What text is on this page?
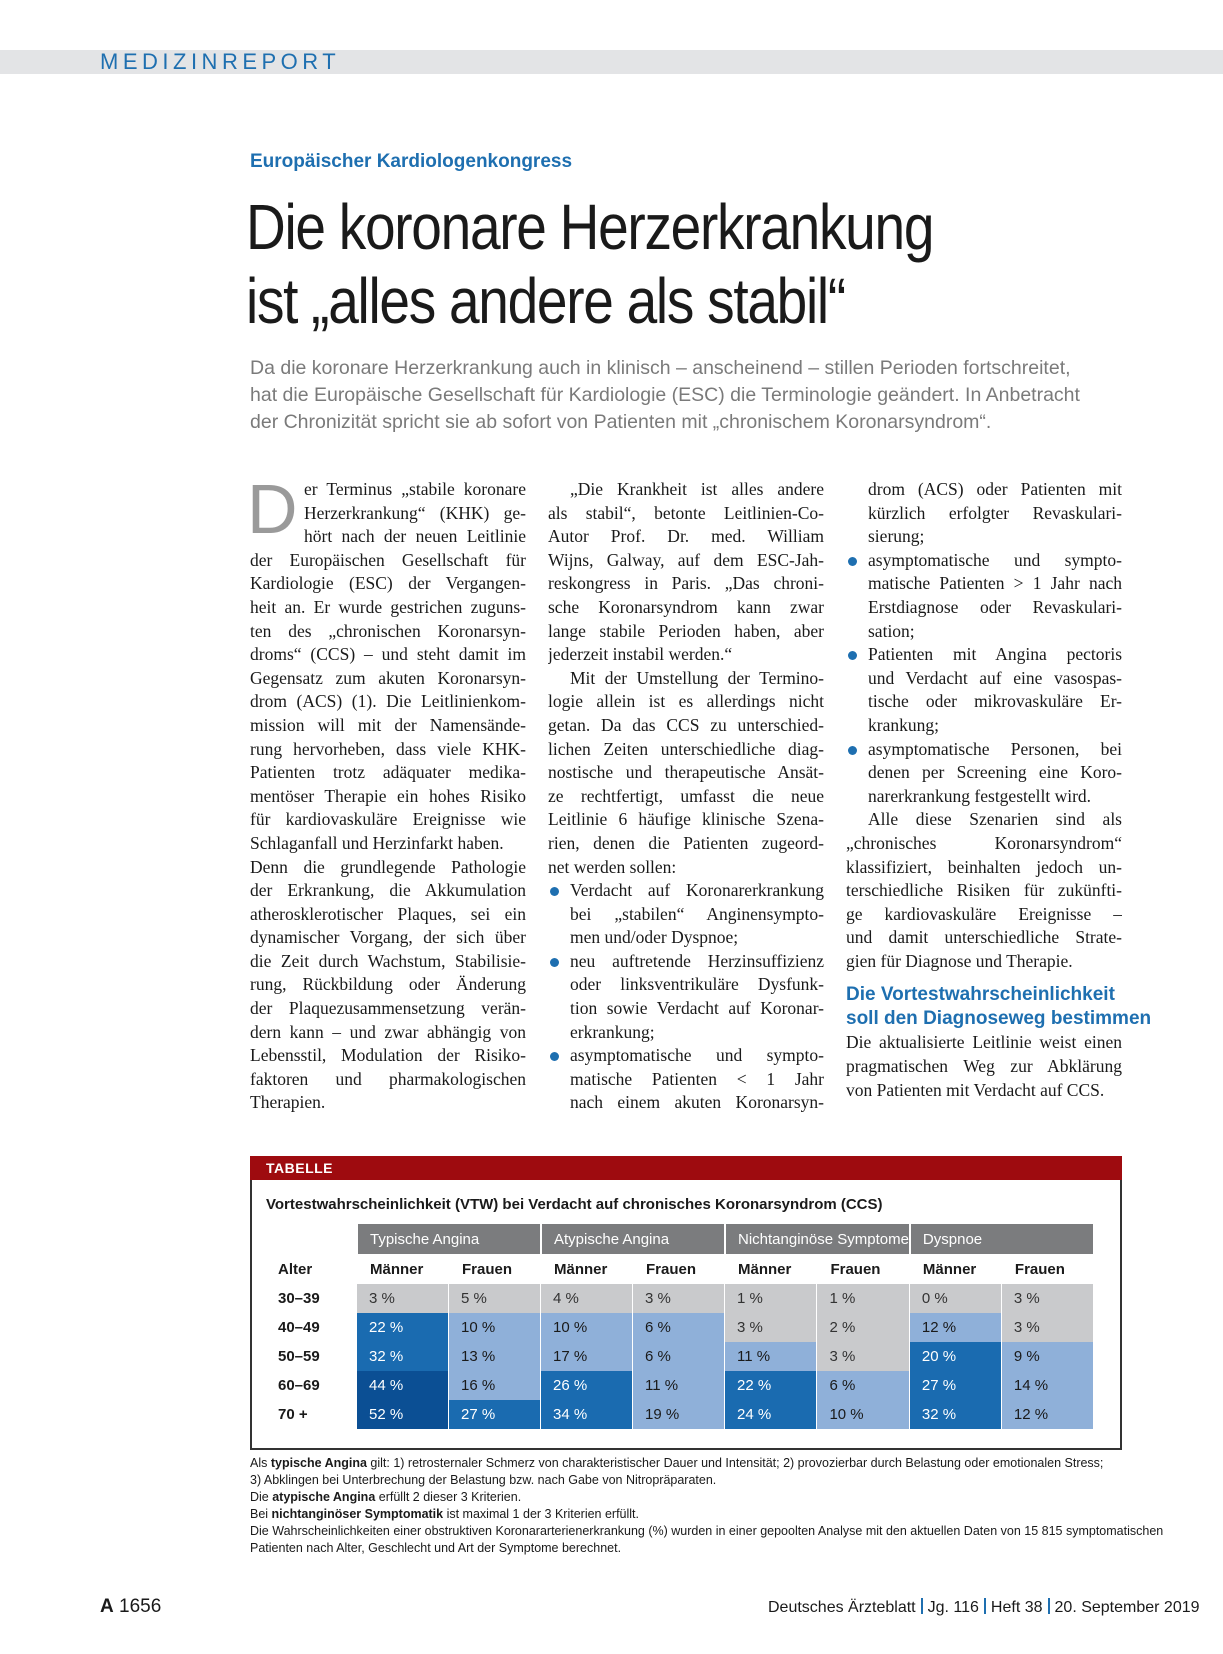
MEDIZINREPORT
Europäischer Kardiologenkongress
Die koronare Herzerkrankung
ist „alles andere als stabil“

Da die koronare Herzerkrankung auch in klinisch – anscheinend – stillen Perioden fortschreitet,
hat die Europäische Gesellschaft für Kardiologie (ESC) die Terminologie geändert. In Anbetracht
der Chronizität spricht sie ab sofort von Patienten mit „chronischem Koronarsyndrom“.

D er Terminus „stabile koronare
Herzerkrankung“ (KHK) ge-
hört nach der neuen Leitlinie
der Europäischen Gesellschaft für
Kardiologie (ESC) der Vergangen-
heit an. Er wurde gestrichen zuguns-
ten des „chronischen Koronarsyn-
droms“ (CCS) – und steht damit im
Gegensatz zum akuten Koronarsyn-
drom (ACS) (1). Die Leitlinienkom-
mission will mit der Namensände-
rung hervorheben, dass viele KHK-
Patienten trotz adäquater medika-
mentöser Therapie ein hohes Risiko
für kardiovaskuläre Ereignisse wie
Schlaganfall und Herzinfarkt haben.
Denn die grundlegende Pathologie
der Erkrankung, die Akkumulation
atherosklerotischer Plaques, sei ein
dynamischer Vorgang, der sich über
die Zeit durch Wachstum, Stabilisie-
rung, Rückbildung oder Änderung
der Plaquezusammensetzung verän-
dern kann – und zwar abhängig von
Lebensstil, Modulation der Risiko-
faktoren und pharmakologischen
Therapien.
„Die Krankheit ist alles andere
als stabil“, betonte Leitlinien-Co-
Autor Prof. Dr. med. William
Wijns, Galway, auf dem ESC-Jah-
reskongress in Paris. „Das chroni-
sche Koronarsyndrom kann zwar
lange stabile Perioden haben, aber
jederzeit instabil werden.“
Mit der Umstellung der Termino-
logie allein ist es allerdings nicht
getan. Da das CCS zu unterschied-
lichen Zeiten unterschiedliche diag-
nostische und therapeutische Ansät-
ze rechtfertigt, umfasst die neue
Leitlinie 6 häufige klinische Szena-
rien, denen die Patienten zugeord-
net werden sollen:
Verdacht auf Koronarerkrankung
bei „stabilen“ Anginensympto-
men und/oder Dyspnoe;
neu auftretende Herzinsuffizienz
oder linksventrikuläre Dysfunk-
tion sowie Verdacht auf Koronar-
erkrankung;
asymptomatische und sympto-
matische Patienten < 1 Jahr
nach einem akuten Koronarsyn-
drom (ACS) oder Patienten mit
kürzlich erfolgter Revaskulari-
sierung;
asymptomatische und sympto-
matische Patienten > 1 Jahr nach
Erstdiagnose oder Revaskulari-
sation;
Patienten mit Angina pectoris
und Verdacht auf eine vasospas-
tische oder mikrovaskuläre Er-
krankung;
asymptomatische Personen, bei
denen per Screening eine Koro-
narerkrankung festgestellt wird.
Alle diese Szenarien sind als
„chronisches Koronarsyndrom“
klassifiziert, beinhalten jedoch un-
terschiedliche Risiken für zukünfti-
ge kardiovaskuläre Ereignisse –
und damit unterschiedliche Strate-
gien für Diagnose und Therapie.
Die Vortestwahrscheinlichkeit
soll den Diagnoseweg bestimmen
Die aktualisierte Leitlinie weist einen
pragmatischen Weg zur Abklärung
von Patienten mit Verdacht auf CCS.
TABELLE
Vortestwahrscheinlichkeit (VTW) bei Verdacht auf chronisches Koronarsyndrom (CCS)
	Typische Angina		Atypische Angina		Nichtanginöse Symptome		Dyspnoe	
Alter	Männer	Frauen	Männer	Frauen	Männer	Frauen	Männer	Frauen
30–39	3 %	5 %	4 %	3 %	1 %	1 %	0 %	3 %
40–49	22 %	10 %	10 %	6 %	3 %	2 %	12 %	3 %
50–59	32 %	13 %	17 %	6 %	11 %	3 %	20 %	9 %
60–69	44 %	16 %	26 %	11 %	22 %	6 %	27 %	14 %
70 +	52 %	27 %	34 %	19 %	24 %	10 %	32 %	12 %
Als typische Angina gilt: 1) retrosternaler Schmerz von charakteristischer Dauer und Intensität; 2) provozierbar durch Belastung oder emotionalen Stress;
3) Abklingen bei Unterbrechung der Belastung bzw. nach Gabe von Nitropräparaten.
Die atypische Angina erfüllt 2 dieser 3 Kriterien.
Bei nichtanginöser Symptomatik ist maximal 1 der 3 Kriterien erfüllt.
Die Wahrscheinlichkeiten einer obstruktiven Koronararterienerkrankung (%) wurden in einer gepoolten Analyse mit den aktuellen Daten von 15 815 symptomatischen
Patienten nach Alter, Geschlecht und Art der Symptome berechnet.
A 1656	Deutsches Ärzteblatt Jg. 116 Heft 38 20. September 2019
